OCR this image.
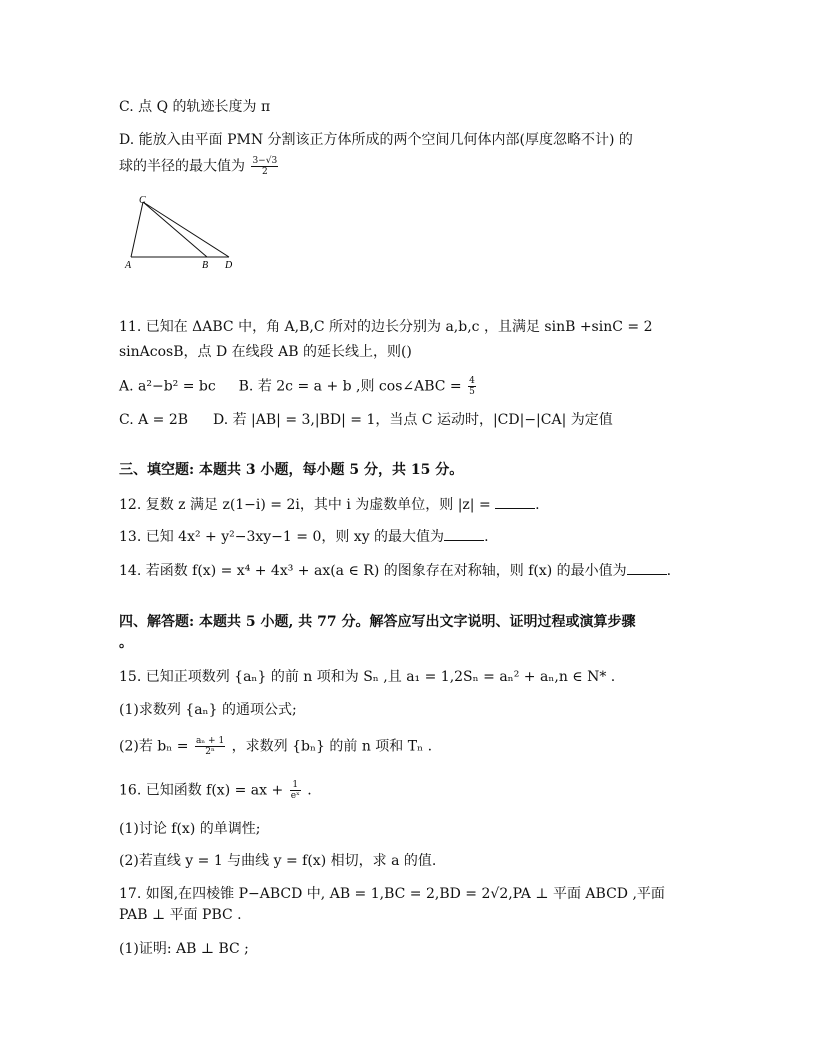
C. 点 Q 的轨迹长度为 π
D. 能放入由平面 PMN 分割该正方体所成的两个空间几何体内部(厚度忽略不计) 的
球的半径的最大值为 $\frac{3-√3}{2}$
C
A	B D
11. 已知在 ΔABC 中，角 A,B,C 所对的边长分别为 a,b,c ，且满足 sinB +sinC = 2
sinAcosB，点 D 在线段 AB 的延长线上，则()
A. a²−b² = bc B. 若 2c = a + b ,则 cos∠ABC = $\frac{4}{5}$
C. A = 2B D. 若 |AB| = 3,|BD| = 1，当点 C 运动时，|CD|−|CA| 为定值
三、填空题: 本题共 3 小题，每小题 5 分，共 15 分。
12. 复数 z 满足 z(1−i) = 2i，其中 i 为虚数单位，则 |z| =	.
13. 已知 4x² + y²−3xy−1 = 0，则 xy 的最大值为	.
14. 若函数 f(x) = x⁴ + 4x³ + ax(a ∈ R) 的图象存在对称轴，则 f(x) 的最小值为	.
四、解答题: 本题共 5 小题, 共 77 分。解答应写出文字说明、证明过程或演算步骤
。
15. 已知正项数列 {aₙ} 的前 n 项和为 Sₙ ,且 a₁ = 1,2Sₙ = aₙ² + aₙ,n ∈ N* .
(1)求数列 {aₙ} 的通项公式;
(2)若 $b_n = \frac{\text{aₙ + 1}}{\text{2ⁿ}}$ ，求数列 {bₙ} 的前 n 项和 Tₙ .
16. 已知函数 f(x) = ax + $\frac{1}{\text{eˣ}}$ .
(1)讨论 f(x) 的单调性;
(2)若直线 y = 1 与曲线 y = f(x) 相切，求 a 的值.
17. 如图,在四棱锥 P−ABCD 中, AB = 1,BC = 2,BD = 2√2,PA ⊥ 平面 ABCD ,平面
PAB ⊥ 平面 PBC .
(1)证明: AB ⊥ BC ;
